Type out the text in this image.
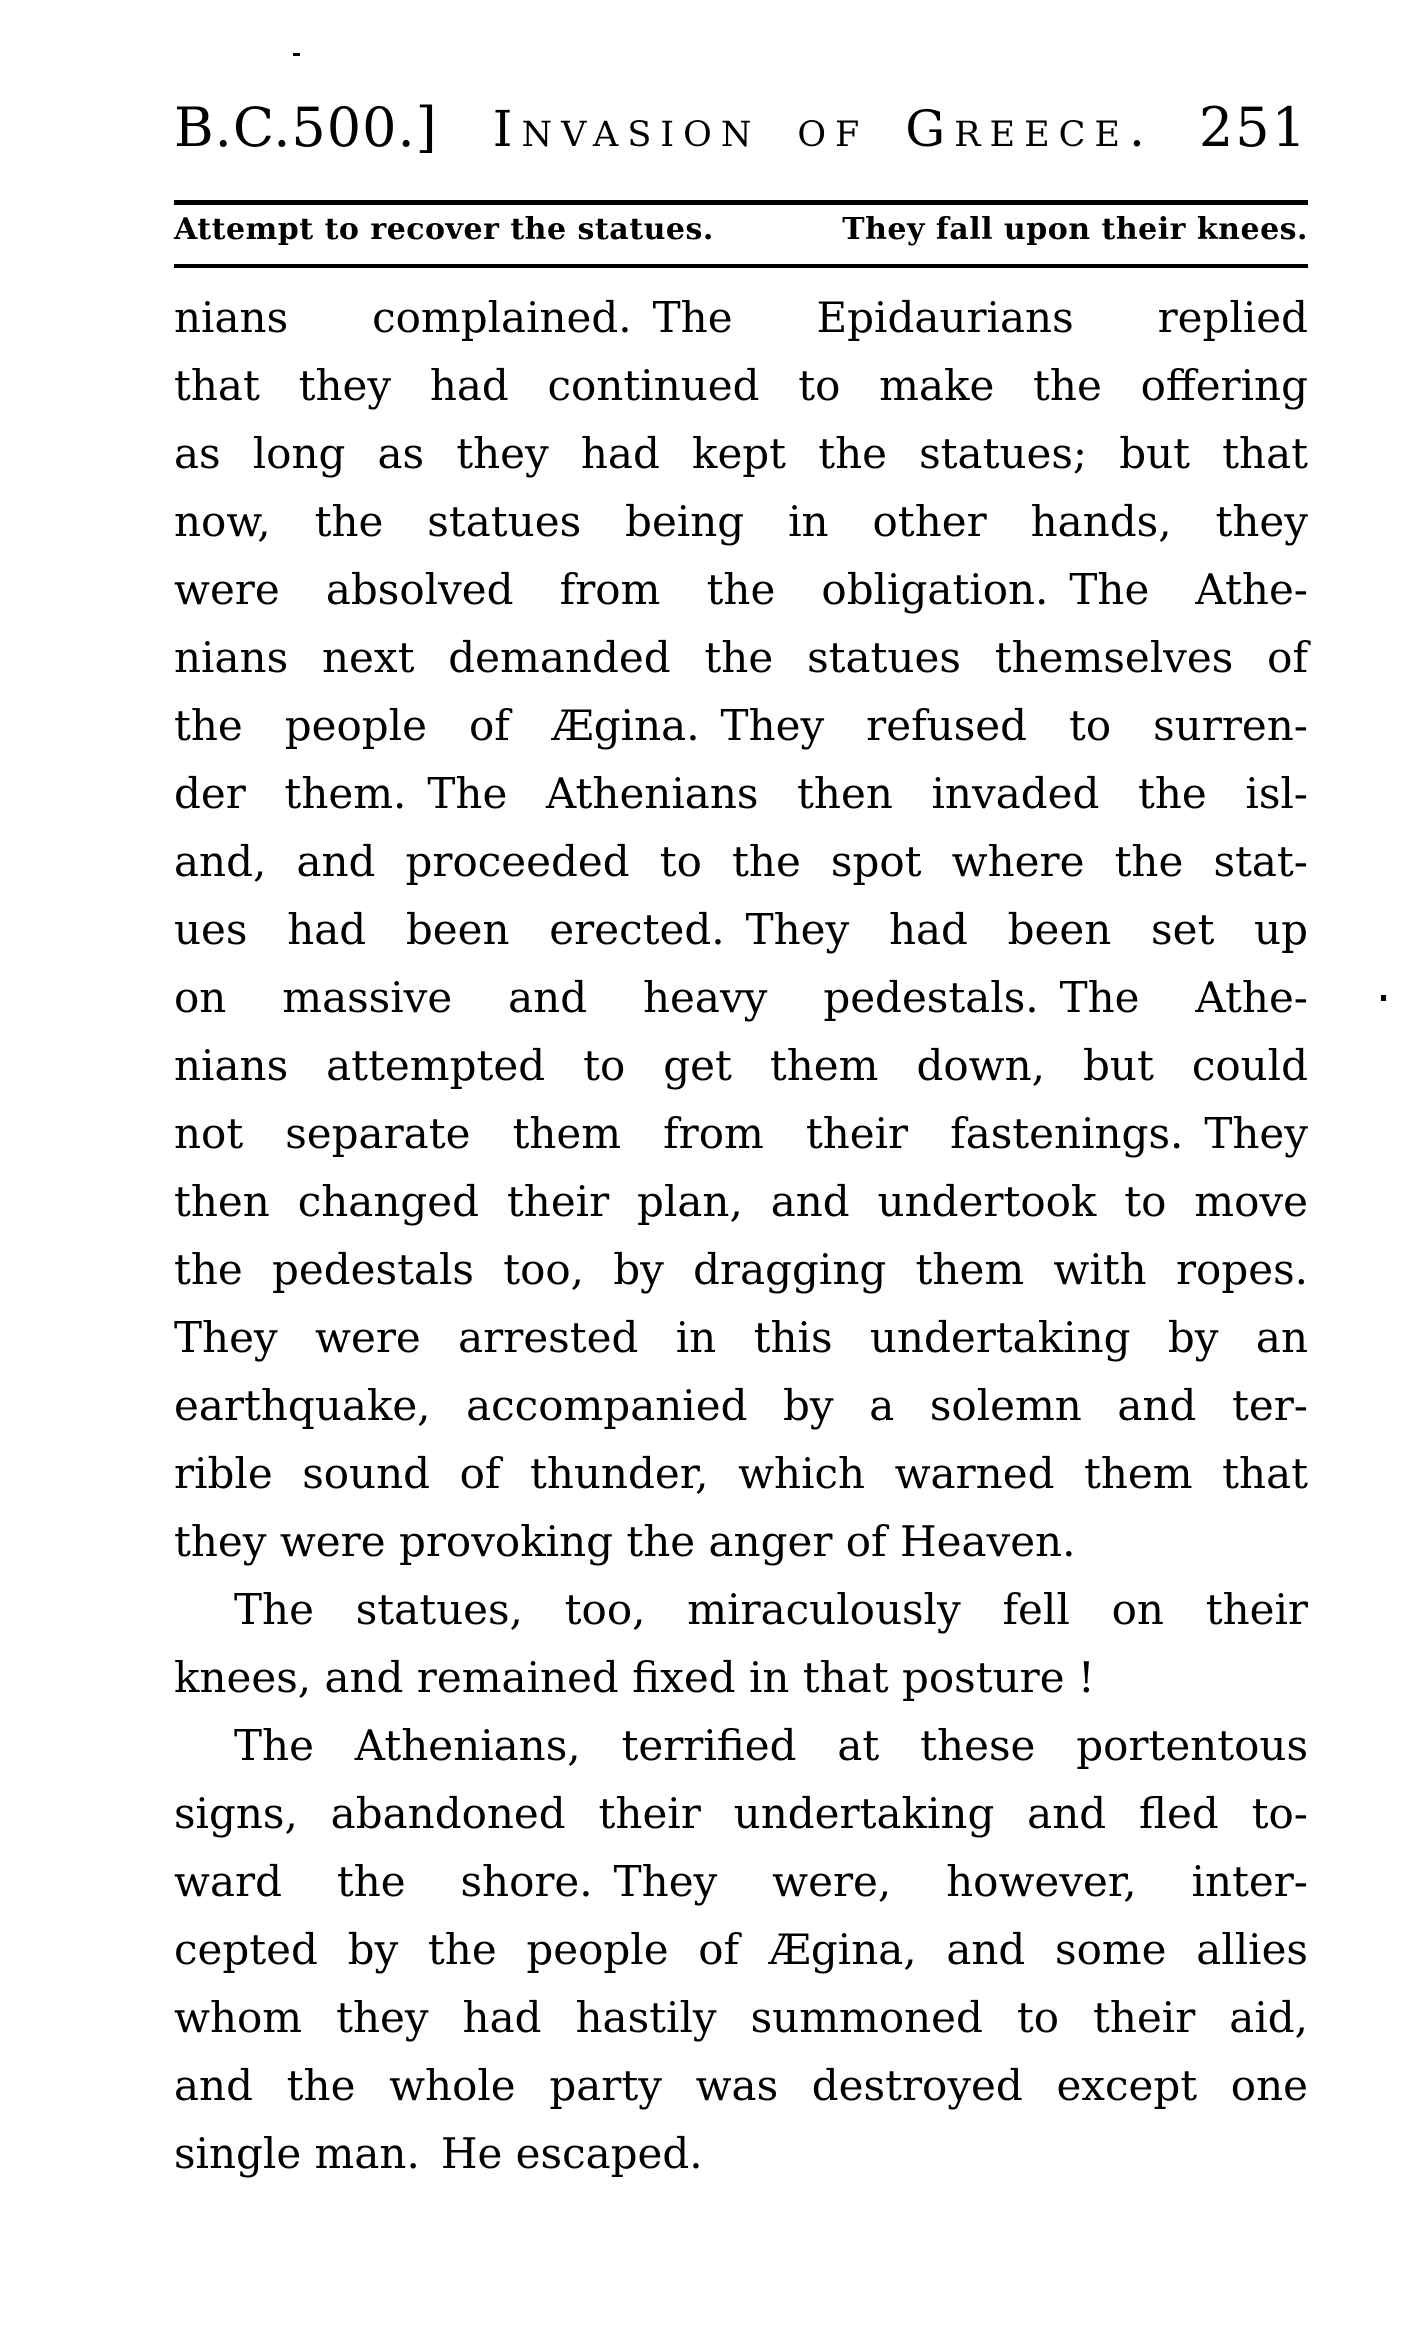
B.C.500.]	Invasion of Greece. 251
Attempt to recover the statues.	They fall upon their knees.
nians complained. The Epidaurians replied
that they had continued to make the offering
as long as they had kept the statues; but that
now, the statues being in other hands, they
were absolved from the obligation. The Athe-
nians next demanded the statues themselves of
the people of Ægina. They refused to surren-
der them. The Athenians then invaded the isl-
and, and proceeded to the spot where the stat-
ues had been erected. They had been set up
on massive and heavy pedestals. The Athe-
nians attempted to get them down, but could
not separate them from their fastenings. They
then changed their plan, and undertook to move
the pedestals too, by dragging them with ropes.
They were arrested in this undertaking by an
earthquake, accompanied by a solemn and ter-
rible sound of thunder, which warned them that
they were provoking the anger of Heaven.
The statues, too, miraculously fell on their
knees, and remained fixed in that posture !
The Athenians, terrified at these portentous
signs, abandoned their undertaking and fled to-
ward the shore. They were, however, inter-
cepted by the people of Ægina, and some allies
whom they had hastily summoned to their aid,
and the whole party was destroyed except one
single man. He escaped.
